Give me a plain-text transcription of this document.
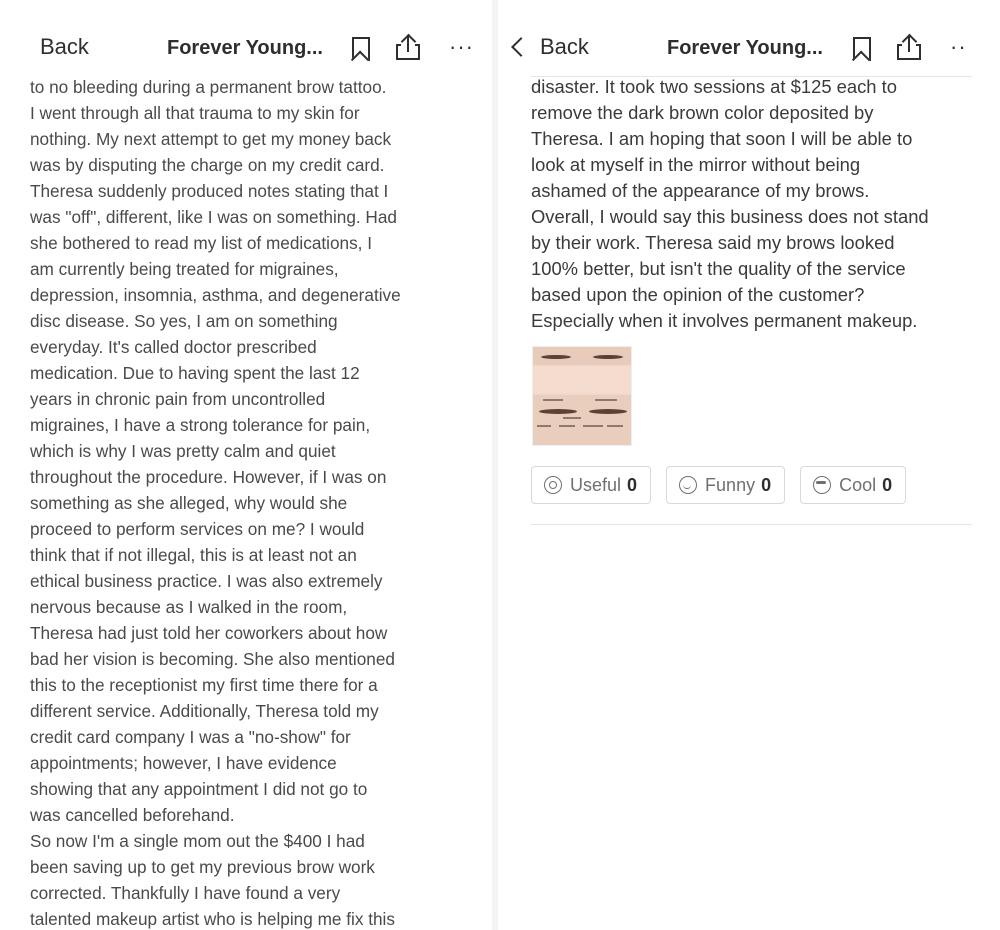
Back	Forever Young...	···
to no bleeding during a permanent brow tattoo.
I went through all that trauma to my skin for
nothing. My next attempt to get my money back
was by disputing the charge on my credit card.
Theresa suddenly produced notes stating that I
was "off", different, like I was on something. Had
she bothered to read my list of medications, I
am currently being treated for migraines,
depression, insomnia, asthma, and degenerative
disc disease. So yes, I am on something
everyday. It's called doctor prescribed
medication. Due to having spent the last 12
years in chronic pain from uncontrolled
migraines, I have a strong tolerance for pain,
which is why I was pretty calm and quiet
throughout the procedure. However, if I was on
something as she alleged, why would she
proceed to perform services on me? I would
think that if not illegal, this is at least not an
ethical business practice. I was also extremely
nervous because as I walked in the room,
Theresa had just told her coworkers about how
bad her vision is becoming. She also mentioned
this to the receptionist my first time there for a
different service. Additionally, Theresa told my
credit card company I was a "no-show" for
appointments; however, I have evidence
showing that any appointment I did not go to
was cancelled beforehand.
So now I'm a single mom out the $400 I had
been saving up to get my previous brow work
corrected. Thankfully I have found a very
talented makeup artist who is helping me fix this
Back	Forever Young...	··
disaster. It took two sessions at $125 each to
remove the dark brown color deposited by
Theresa. I am hoping that soon I will be able to
look at myself in the mirror without being
ashamed of the appearance of my brows.
Overall, I would say this business does not stand
by their work. Theresa said my brows looked
100% better, but isn't the quality of the service
based upon the opinion of the customer?
Especially when it involves permanent makeup.
Useful 0	Funny 0	Cool 0
